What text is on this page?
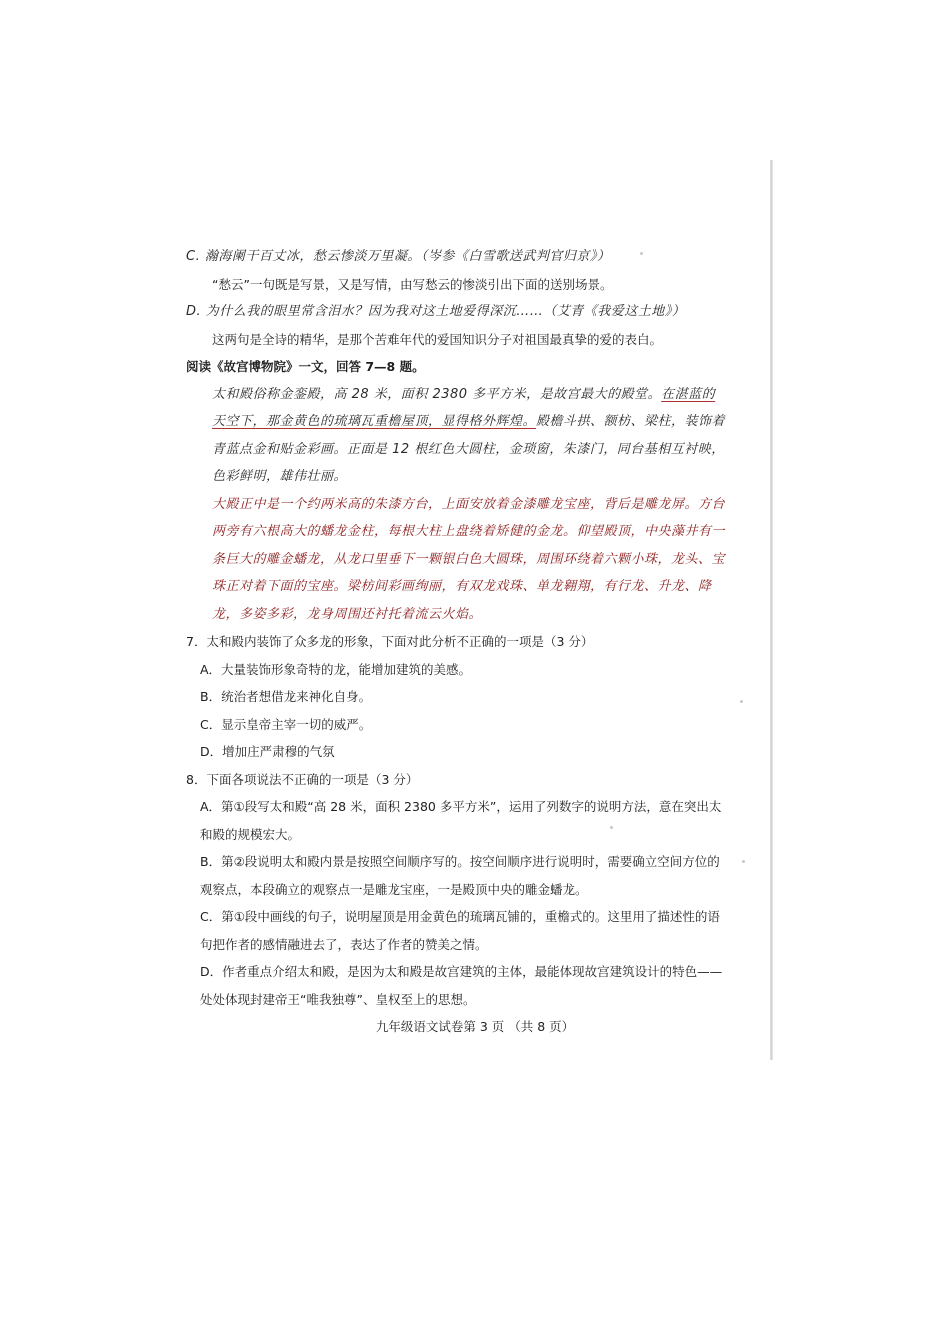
C. 瀚海阑干百丈冰，愁云惨淡万里凝。（岑参《白雪歌送武判官归京》）
“愁云”一句既是写景，又是写情，由写愁云的惨淡引出下面的送别场景。
D. 为什么我的眼里常含泪水？因为我对这土地爱得深沉……（艾青《我爱这土地》）
这两句是全诗的精华，是那个苦难年代的爱国知识分子对祖国最真挚的爱的表白。
阅读《故宫博物院》一文，回答 7—8 题。
太和殿俗称金銮殿，高 28 米，面积 2380 多平方米，是故宫最大的殿堂。在湛蓝的天空下，那金黄色的琉璃瓦重檐屋顶，显得格外辉煌。殿檐斗拱、额枋、梁柱，装饰着青蓝点金和贴金彩画。正面是 12 根红色大圆柱，金琐窗，朱漆门，同台基相互衬映，色彩鲜明，雄伟壮丽。
大殿正中是一个约两米高的朱漆方台，上面安放着金漆雕龙宝座，背后是雕龙屏。方台两旁有六根高大的蟠龙金柱，每根大柱上盘绕着矫健的金龙。仰望殿顶，中央藻井有一条巨大的雕金蟠龙，从龙口里垂下一颗银白色大圆珠，周围环绕着六颗小珠，龙头、宝珠正对着下面的宝座。梁枋间彩画绚丽，有双龙戏珠、单龙翱翔，有行龙、升龙、降龙，多姿多彩，龙身周围还衬托着流云火焰。
7．太和殿内装饰了众多龙的形象，下面对此分析不正确的一项是（3 分）
A．大量装饰形象奇特的龙，能增加建筑的美感。
B．统治者想借龙来神化自身。
C．显示皇帝主宰一切的威严。
D．增加庄严肃穆的气氛
8．下面各项说法不正确的一项是（3 分）
A．第①段写太和殿“高 28 米，面积 2380 多平方米”，运用了列数字的说明方法，意在突出太和殿的规模宏大。
B．第②段说明太和殿内景是按照空间顺序写的。按空间顺序进行说明时，需要确立空间方位的观察点，本段确立的观察点一是雕龙宝座，一是殿顶中央的雕金蟠龙。
C．第①段中画线的句子，说明屋顶是用金黄色的琉璃瓦铺的，重檐式的。这里用了描述性的语句把作者的感情融进去了，表达了作者的赞美之情。
D．作者重点介绍太和殿，是因为太和殿是故宫建筑的主体，最能体现故宫建筑设计的特色——处处体现封建帝王“唯我独尊”、皇权至上的思想。
九年级语文试卷第 3 页 （共 8 页）
